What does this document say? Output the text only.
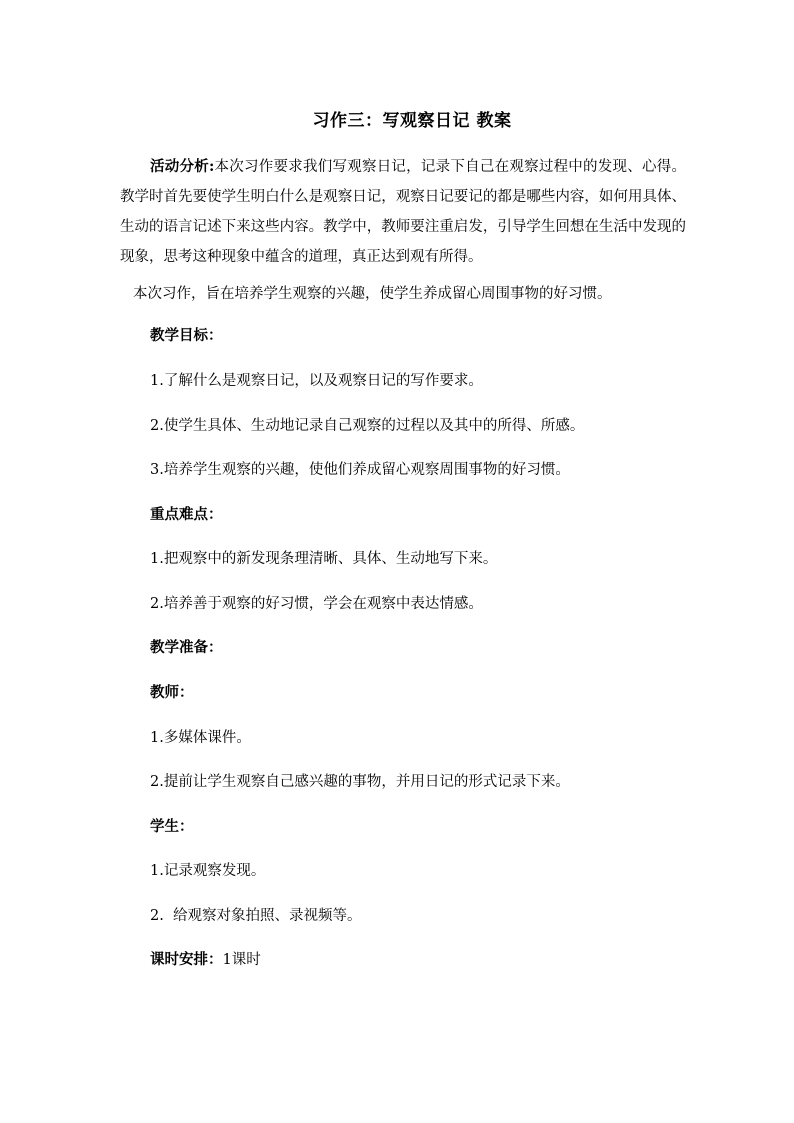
习作三：写观察日记 教案
活动分析:本次习作要求我们写观察日记，记录下自己在观察过程中的发现、心得。教学时首先要使学生明白什么是观察日记，观察日记要记的都是哪些内容，如何用具体、生动的语言记述下来这些内容。教学中，教师要注重启发，引导学生回想在生活中发现的现象，思考这种现象中蕴含的道理，真正达到观有所得。
本次习作，旨在培养学生观察的兴趣，使学生养成留心周围事物的好习惯。
教学目标：
1.了解什么是观察日记，以及观察日记的写作要求。
2.使学生具体、生动地记录自己观察的过程以及其中的所得、所感。
3.培养学生观察的兴趣，使他们养成留心观察周围事物的好习惯。
重点难点：
1.把观察中的新发现条理清晰、具体、生动地写下来。
2.培养善于观察的好习惯，学会在观察中表达情感。
教学准备：
教师：
1.多媒体课件。
2.提前让学生观察自己感兴趣的事物，并用日记的形式记录下来。
学生：
1.记录观察发现。
2.  给观察对象拍照、录视频等。
课时安排：1课时
